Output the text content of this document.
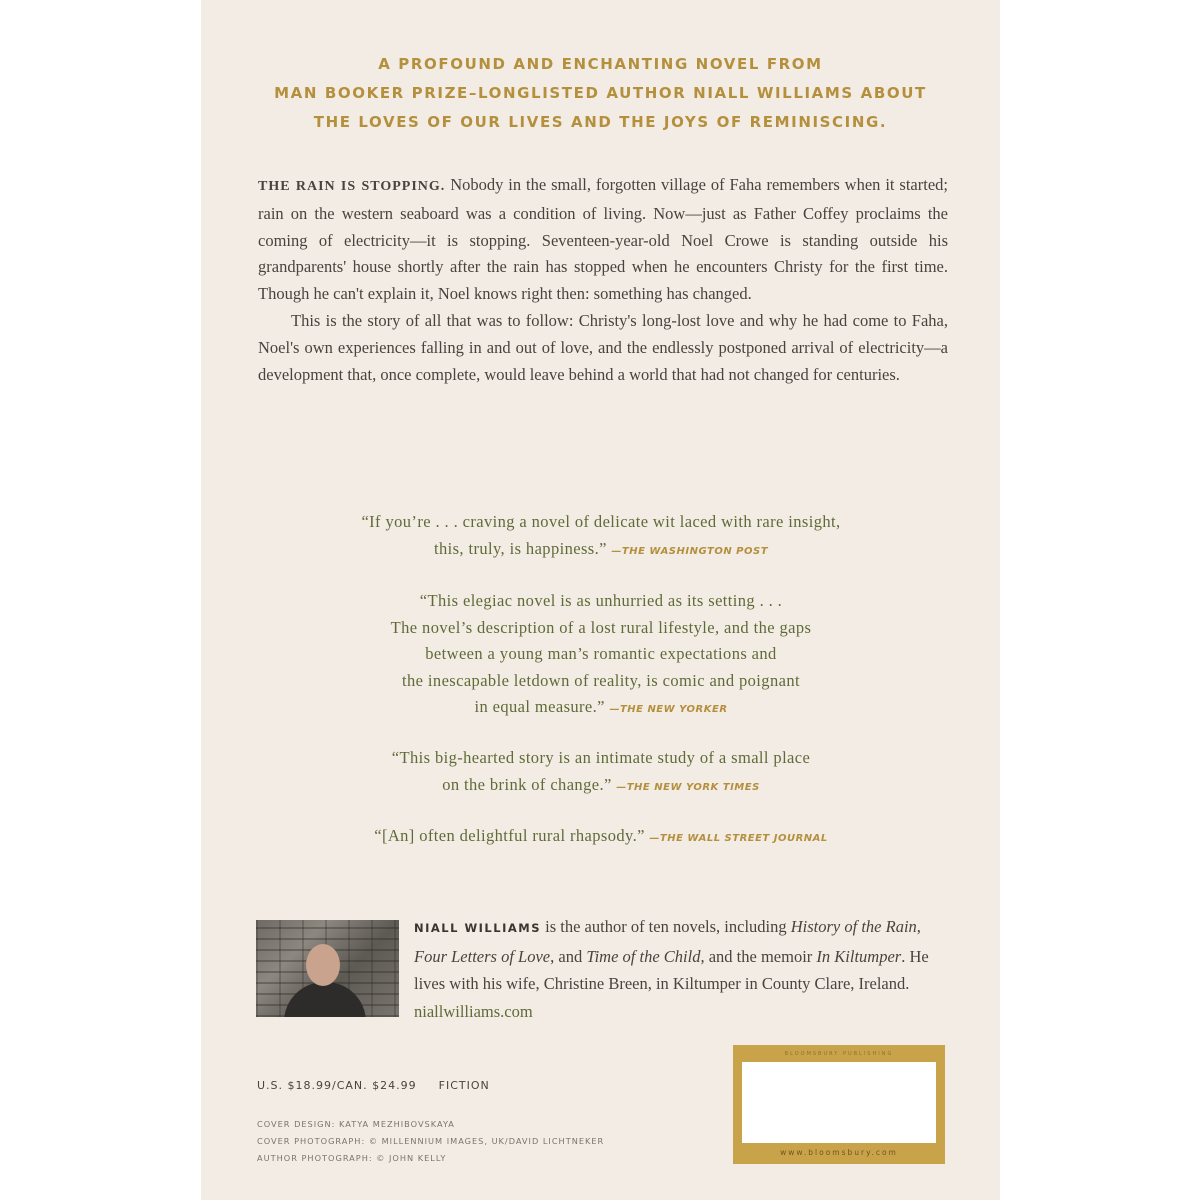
A PROFOUND AND ENCHANTING NOVEL FROM
MAN BOOKER PRIZE–LONGLISTED AUTHOR NIALL WILLIAMS ABOUT
THE LOVES OF OUR LIVES AND THE JOYS OF REMINISCING.

THE RAIN IS STOPPING. Nobody in the small, forgotten village of Faha remembers when it started; rain on the western seaboard was a condition of living. Now—just as Father Coffey proclaims the coming of electricity—it is stopping. Seventeen-year-old Noel Crowe is standing outside his grandparents' house shortly after the rain has stopped when he encounters Christy for the first time. Though he can't explain it, Noel knows right then: something has changed.

This is the story of all that was to follow: Christy's long-lost love and why he had come to Faha, Noel's own experiences falling in and out of love, and the endlessly postponed arrival of electricity—a development that, once complete, would leave behind a world that had not changed for centuries.

“If you’re . . . craving a novel of delicate wit laced with rare insight,
this, truly, is happiness.” —THE WASHINGTON POST
“This elegiac novel is as unhurried as its setting . . .
The novel’s description of a lost rural lifestyle, and the gaps
between a young man’s romantic expectations and
the inescapable letdown of reality, is comic and poignant
in equal measure.” —THE NEW YORKER
“This big-hearted story is an intimate study of a small place
on the brink of change.” —THE NEW YORK TIMES
“[An] often delightful rural rhapsody.” —THE WALL STREET JOURNAL
NIALL WILLIAMS is the author of ten novels, including History of the Rain, Four Letters of Love, and Time of the Child, and the memoir In Kiltumper. He lives with his wife, Christine Breen, in Kiltumper in County Clare, Ireland. niallwilliams.com
U.S. $18.99/CAN. $24.99 FICTION
COVER DESIGN: KATYA MEZHIBOVSKAYA
COVER PHOTOGRAPH: © MILLENNIUM IMAGES, UK/DAVID LICHTNEKER
AUTHOR PHOTOGRAPH: © JOHN KELLY
BLOOMSBURY PUBLISHING
www.bloomsbury.com
